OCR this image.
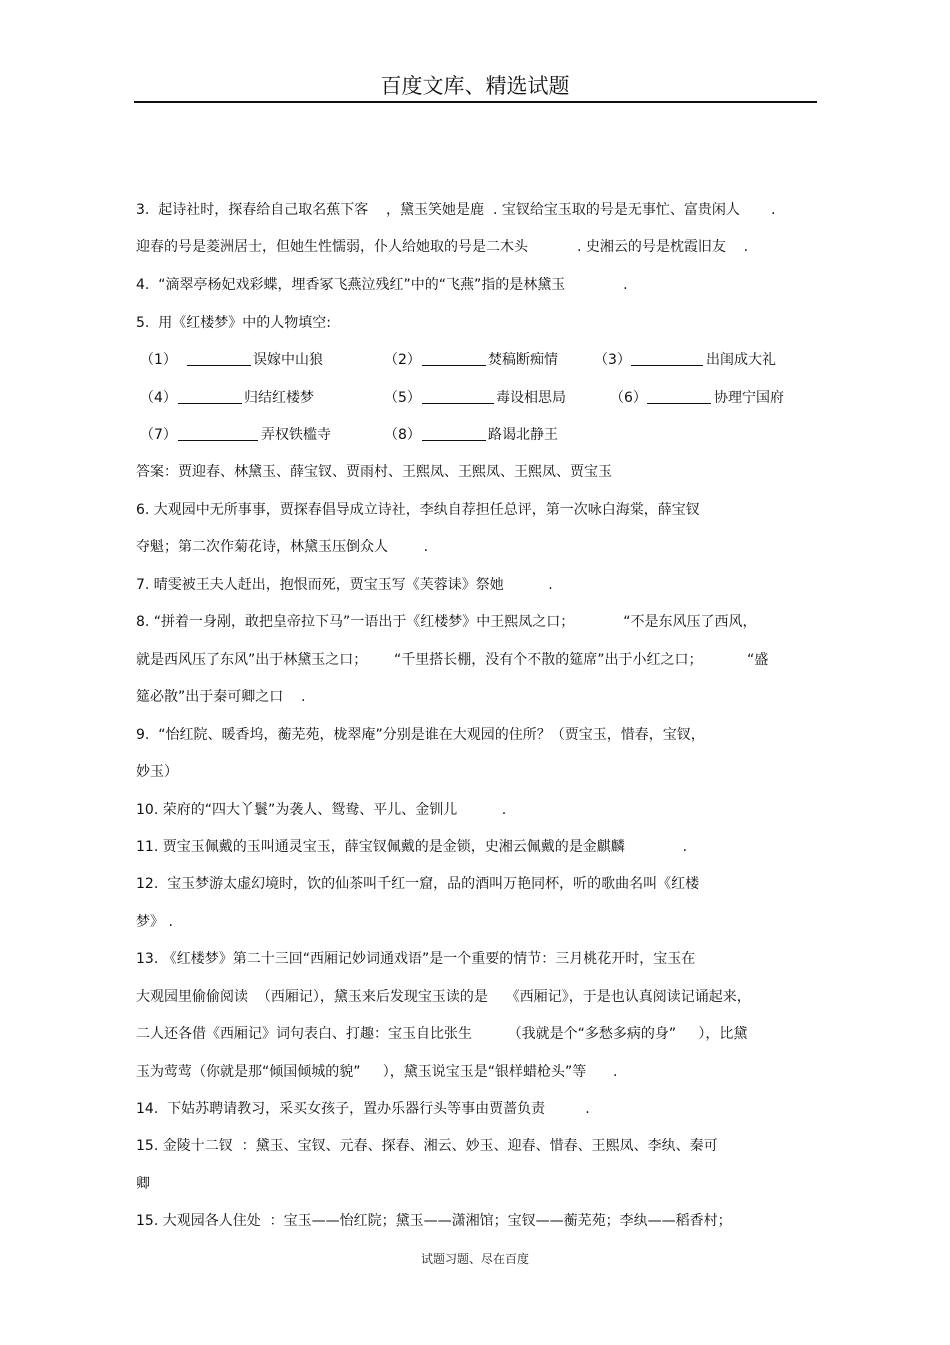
百度文库、精选试题
3.  起诗社时，探春给自己取名蕉下客    ，黛玉笑她是鹿  . 宝钗给宝玉取的号是无事忙、富贵闲人       .
迎春的号是菱洲居士，但她生性懦弱，仆人给她取的号是二木头           . 史湘云的号是枕霞旧友    .
4.  “滴翠亭杨妃戏彩蝶，埋香冢飞燕泣残红”中的“飞燕”指的是林黛玉             .
5.  用《红楼梦》中的人物填空:
（1）	误嫁中山狼	（2）	焚稿断痴情	（3）	出闺成大礼
（4）	归结红楼梦	（5）	毒设相思局	（6）	协理宁国府
（7）	弄权铁槛寺	（8）	路谒北静王
答案：贾迎春、林黛玉、薛宝钗、贾雨村、王熙凤、王熙凤、王熙凤、贾宝玉
6. 大观园中无所事事，贾探春倡导成立诗社，李纨自荐担任总评，第一次咏白海棠，薛宝钗
夺魁；第二次作菊花诗，林黛玉压倒众人        .
7. 晴雯被王夫人赶出，抱恨而死，贾宝玉写《芙蓉诔》祭她          .
8. “拼着一身剐，敢把皇帝拉下马”一语出于《红楼梦》中王熙凤之口；           “不是东风压了西风，
就是西风压了东风”出于林黛玉之口；      “千里搭长棚，没有个不散的筵席”出于小红之口；          “盛
筵必散”出于秦可卿之口    .
9.  “怡红院、暖香坞，蘅芜苑，栊翠庵”分别是谁在大观园的住所？（贾宝玉，惜春，宝钗，
妙玉）
10. 荣府的“四大丫鬟”为袭人、鸳鸯、平儿、金钏儿          .
11. 贾宝玉佩戴的玉叫通灵宝玉，薛宝钗佩戴的是金锁，史湘云佩戴的是金麒麟             .
12.  宝玉梦游太虚幻境时，饮的仙茶叫千红一窟，品的酒叫万艳同杯，听的歌曲名叫《红楼
梦》 .
13. 《红楼梦》第二十三回“西厢记妙词通戏语”是一个重要的情节：三月桃花开时，宝玉在
大观园里偷偷阅读  （西厢记），黛玉来后发现宝玉读的是    《西厢记》，于是也认真阅读记诵起来，
二人还各借《西厢记》词句表白、打趣：宝玉自比张生        （我就是个“多愁多病的身”     ），比黛
玉为莺莺（你就是那“倾国倾城的貌”     ），黛玉说宝玉是“银样蜡枪头”等      .
14.  下姑苏聘请教习，采买女孩子，置办乐器行头等事由贾蔷负责         .
15. 金陵十二钗  ：黛玉、宝钗、元春、探春、湘云、妙玉、迎春、惜春、王熙凤、李纨、秦可
卿
15. 大观园各人住处  ：宝玉——怡红院；黛玉——潇湘馆；宝钗——蘅芜苑；李纨——稻香村；
试题习题、尽在百度
